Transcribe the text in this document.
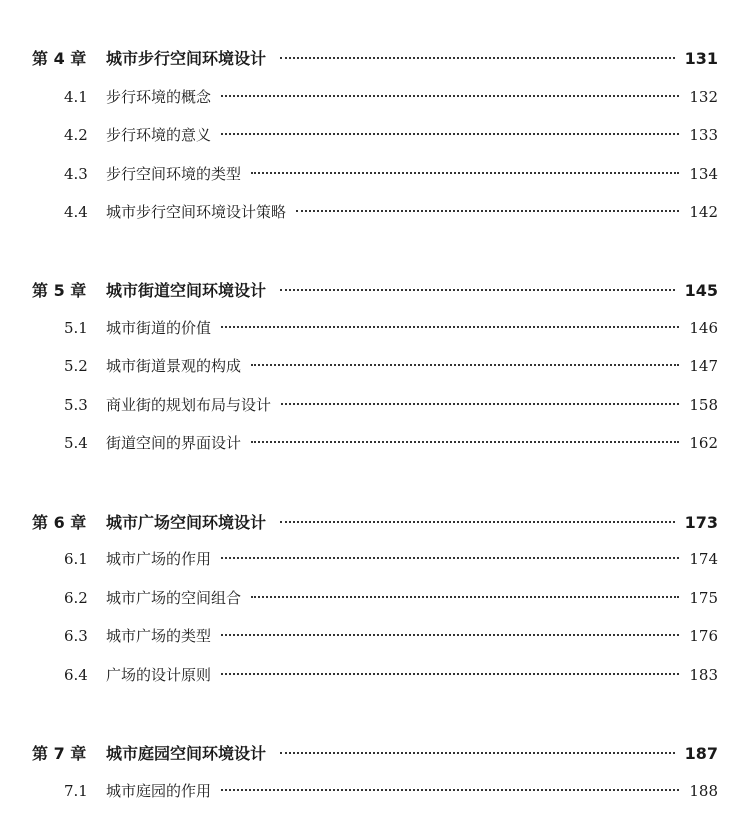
第 4 章	城市步行空间环境设计	131
4.1	步行环境的概念	132
4.2	步行环境的意义	133
4.3	步行空间环境的类型	134
4.4	城市步行空间环境设计策略	142
第 5 章	城市街道空间环境设计	145
5.1	城市街道的价值	146
5.2	城市街道景观的构成	147
5.3	商业街的规划布局与设计	158
5.4	街道空间的界面设计	162
第 6 章	城市广场空间环境设计	173
6.1	城市广场的作用	174
6.2	城市广场的空间组合	175
6.3	城市广场的类型	176
6.4	广场的设计原则	183
第 7 章	城市庭园空间环境设计	187
7.1	城市庭园的作用	188
